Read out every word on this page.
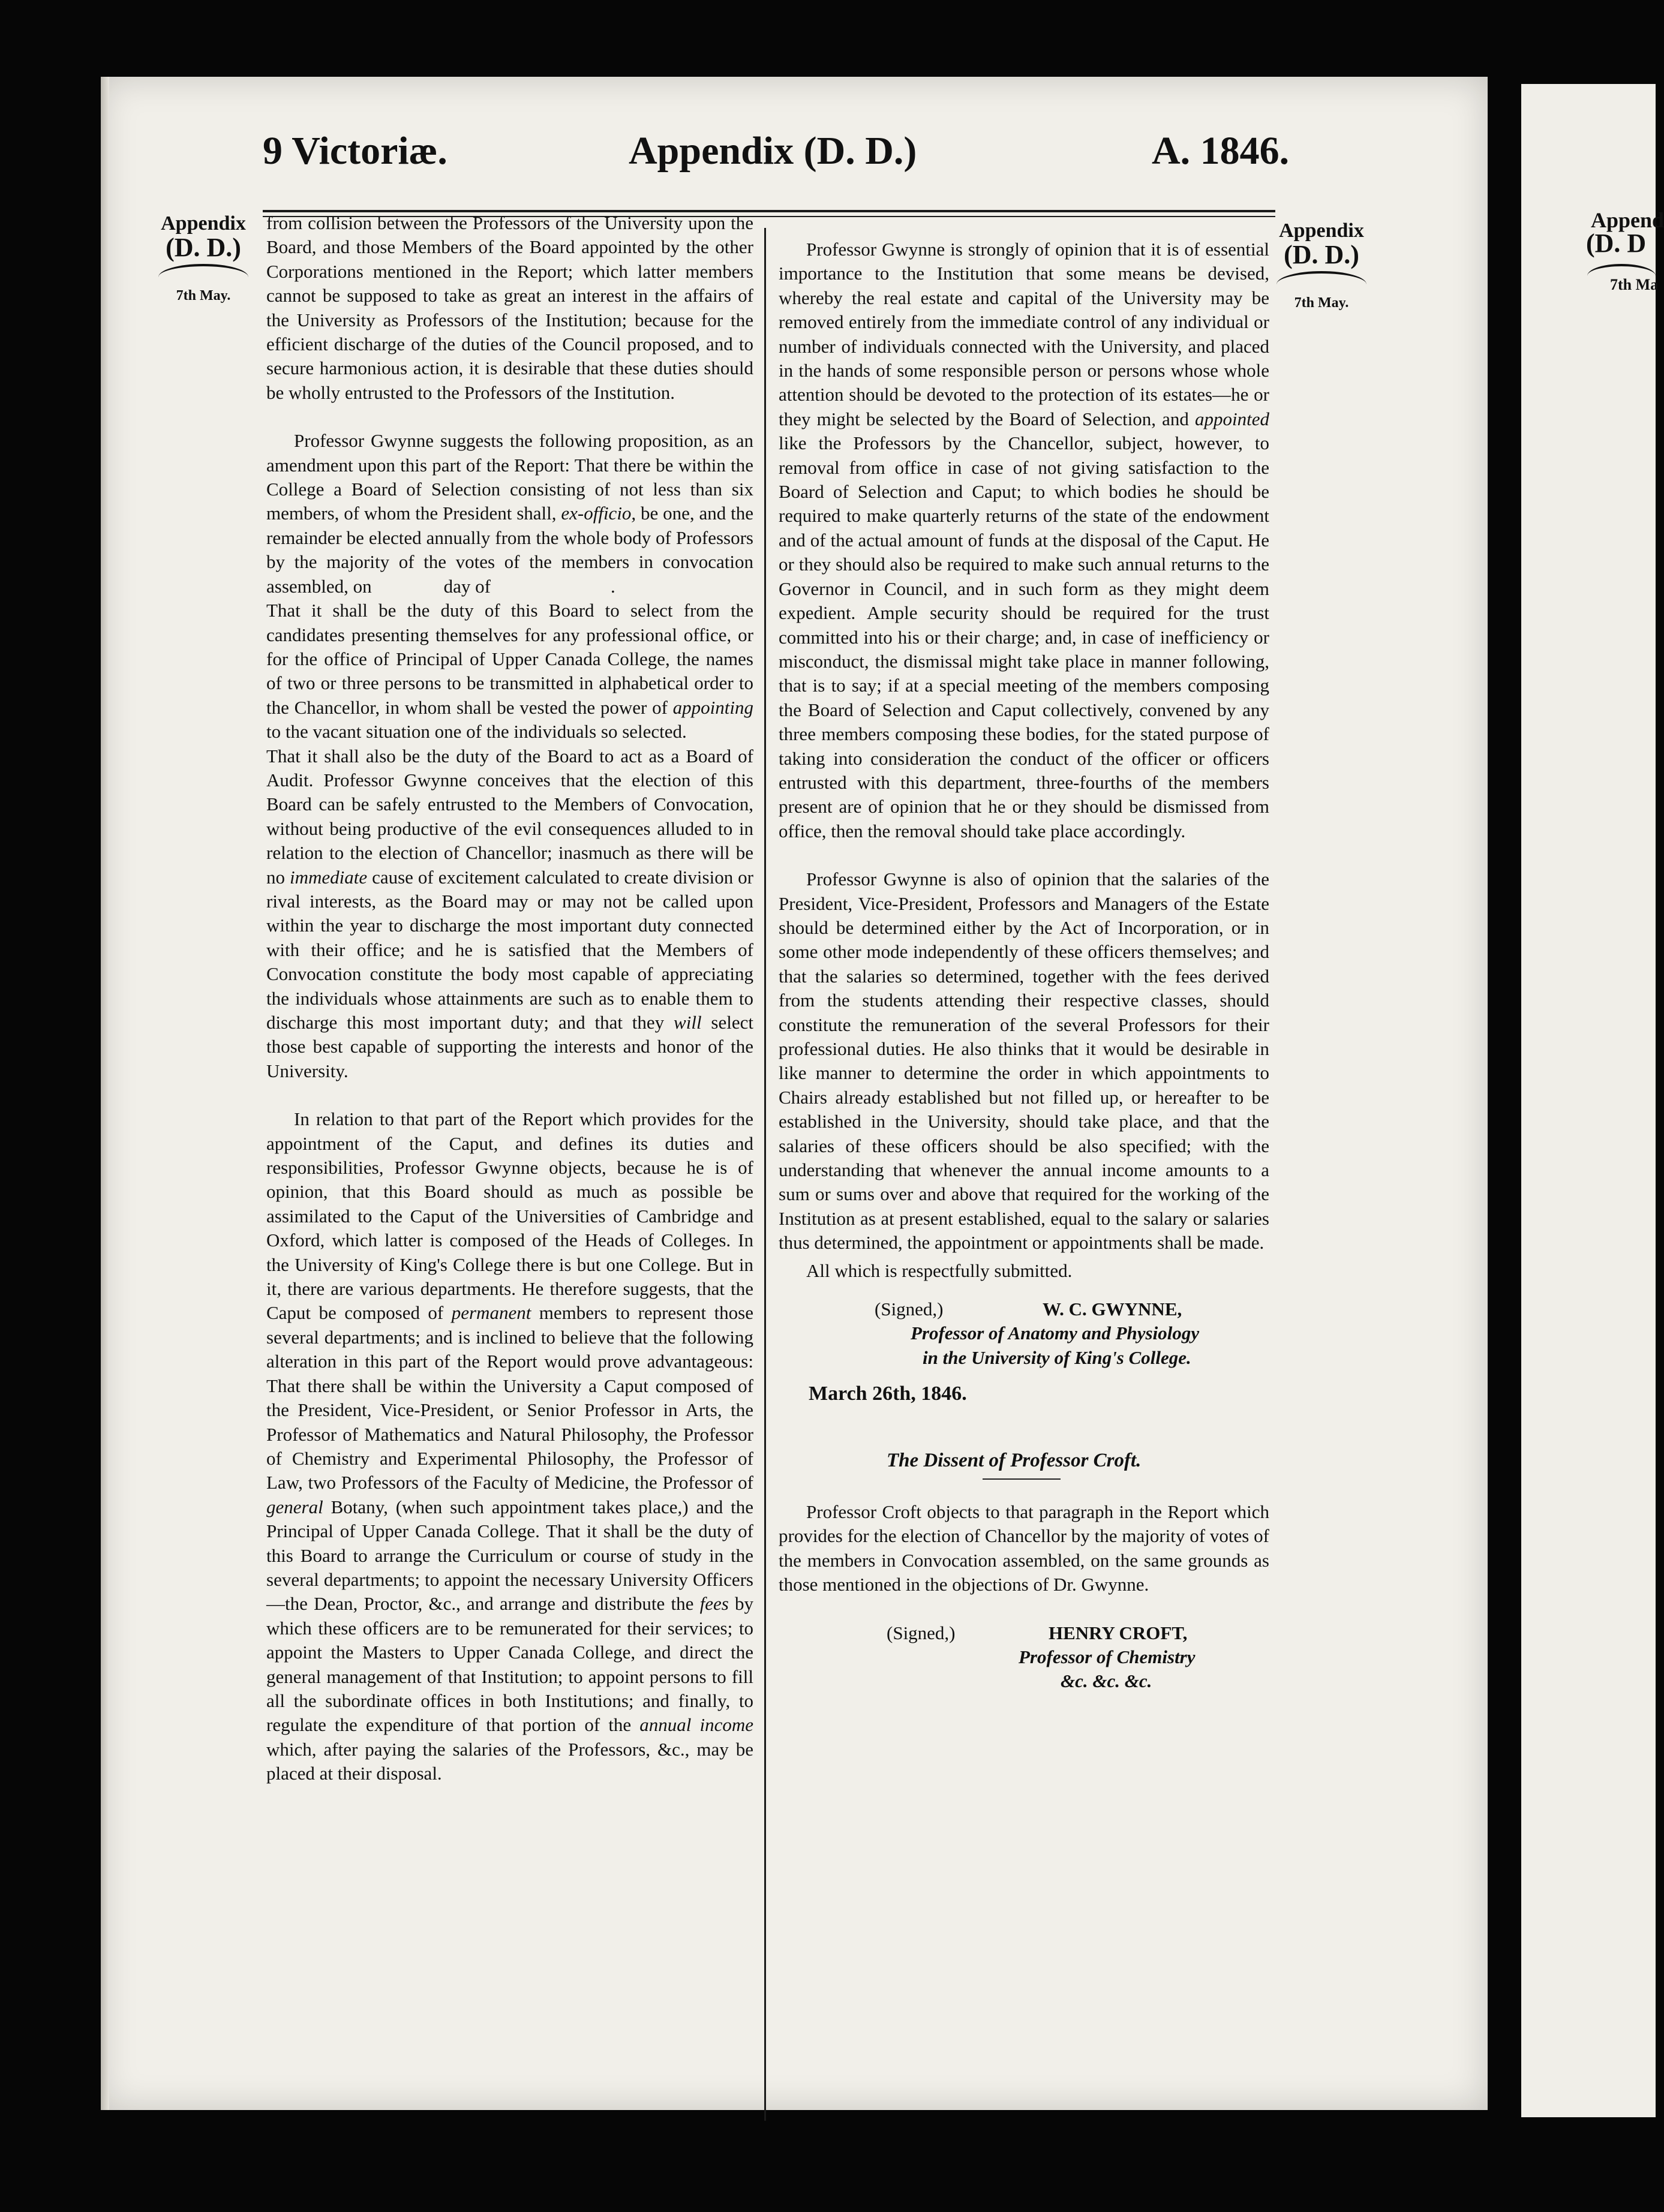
9 Victoriæ.	Appendix (D. D.)	A. 1846.
Appendix
(D. D.)
7th May.
Appendix
(D. D.)
7th May.

from collision between the Professors of the University upon the Board, and those Members of the Board appointed by the other Corporations mentioned in the Report; which latter members cannot be supposed to take as great an interest in the affairs of the University as Professors of the Institution; because for the efficient discharge of the duties of the Council proposed, and to secure harmonious action, it is desirable that these duties should be wholly entrusted to the Professors of the Institution.

Professor Gwynne suggests the following proposition, as an amendment upon this part of the Report: That there be within the College a Board of Selection consisting of not less than six members, of whom the President shall, ex-officio, be one, and the remainder be elected annually from the whole body of Professors by the majority of the votes of the members in convocation assembled, on	day of	.

That it shall be the duty of this Board to select from the candidates presenting themselves for any professional office, or for the office of Principal of Upper Canada College, the names of two or three persons to be transmitted in alphabetical order to the Chancellor, in whom shall be vested the power of appointing to the vacant situation one of the individuals so selected.

That it shall also be the duty of the Board to act as a Board of Audit. Professor Gwynne conceives that the election of this Board can be safely entrusted to the Members of Convocation, without being productive of the evil consequences alluded to in relation to the election of Chancellor; inasmuch as there will be no immediate cause of excitement calculated to create division or rival interests, as the Board may or may not be called upon within the year to discharge the most important duty connected with their office; and he is satisfied that the Members of Convocation constitute the body most capable of appreciating the individuals whose attainments are such as to enable them to discharge this most important duty; and that they will select those best capable of supporting the interests and honor of the University.

In relation to that part of the Report which provides for the appointment of the Caput, and defines its duties and responsibilities, Professor Gwynne objects, because he is of opinion, that this Board should as much as possible be assimilated to the Caput of the Universities of Cambridge and Oxford, which latter is composed of the Heads of Colleges. In the University of King's College there is but one College. But in it, there are various departments. He therefore suggests, that the Caput be composed of permanent members to represent those several departments; and is inclined to believe that the following alteration in this part of the Report would prove advantageous: That there shall be within the University a Caput composed of the President, Vice-President, or Senior Professor in Arts, the Professor of Mathematics and Natural Philosophy, the Professor of Chemistry and Experimental Philosophy, the Professor of Law, two Professors of the Faculty of Medicine, the Professor of general Botany, (when such appointment takes place,) and the Principal of Upper Canada College. That it shall be the duty of this Board to arrange the Curriculum or course of study in the several departments; to appoint the necessary University Officers—the Dean, Proctor, &c., and arrange and distribute the fees by which these officers are to be remunerated for their services; to appoint the Masters to Upper Canada College, and direct the general management of that Institution; to appoint persons to fill all the subordinate offices in both Institutions; and finally, to regulate the expenditure of that portion of the annual income which, after paying the salaries of the Professors, &c., may be placed at their disposal.

Professor Gwynne is strongly of opinion that it is of essential importance to the Institution that some means be devised, whereby the real estate and capital of the University may be removed entirely from the immediate control of any individual or number of individuals connected with the University, and placed in the hands of some responsible person or persons whose whole attention should be devoted to the protection of its estates—he or they might be selected by the Board of Selection, and appointed like the Professors by the Chancellor, subject, however, to removal from office in case of not giving satisfaction to the Board of Selection and Caput; to which bodies he should be required to make quarterly returns of the state of the endowment and of the actual amount of funds at the disposal of the Caput. He or they should also be required to make such annual returns to the Governor in Council, and in such form as they might deem expedient. Ample security should be required for the trust committed into his or their charge; and, in case of inefficiency or misconduct, the dismissal might take place in manner following, that is to say; if at a special meeting of the members composing the Board of Selection and Caput collectively, convened by any three members composing these bodies, for the stated purpose of taking into consideration the conduct of the officer or officers entrusted with this department, three-fourths of the members present are of opinion that he or they should be dismissed from office, then the removal should take place accordingly.

Professor Gwynne is also of opinion that the salaries of the President, Vice-President, Professors and Managers of the Estate should be determined either by the Act of Incorporation, or in some other mode independently of these officers themselves; and that the salaries so determined, together with the fees derived from the students attending their respective classes, should constitute the remuneration of the several Professors for their professional duties. He also thinks that it would be desirable in like manner to determine the order in which appointments to Chairs already established but not filled up, or hereafter to be established in the University, should take place, and that the salaries of these officers should be also specified; with the understanding that whenever the annual income amounts to a sum or sums over and above that required for the working of the Institution as at present established, equal to the salary or salaries thus determined, the appointment or appointments shall be made.

All which is respectfully submitted.

(Signed,)	W. C. GWYNNE,
Professor of Anatomy and Physiology
in the University of King's College.
March 26th, 1846.
The Dissent of Professor Croft.

Professor Croft objects to that paragraph in the Report which provides for the election of Chancellor by the majority of votes of the members in Convocation assembled, on the same grounds as those mentioned in the objections of Dr. Gwynne.

(Signed,)	HENRY CROFT,
Professor of Chemistry
&c. &c. &c.
Append
(D. D
7th Ma
